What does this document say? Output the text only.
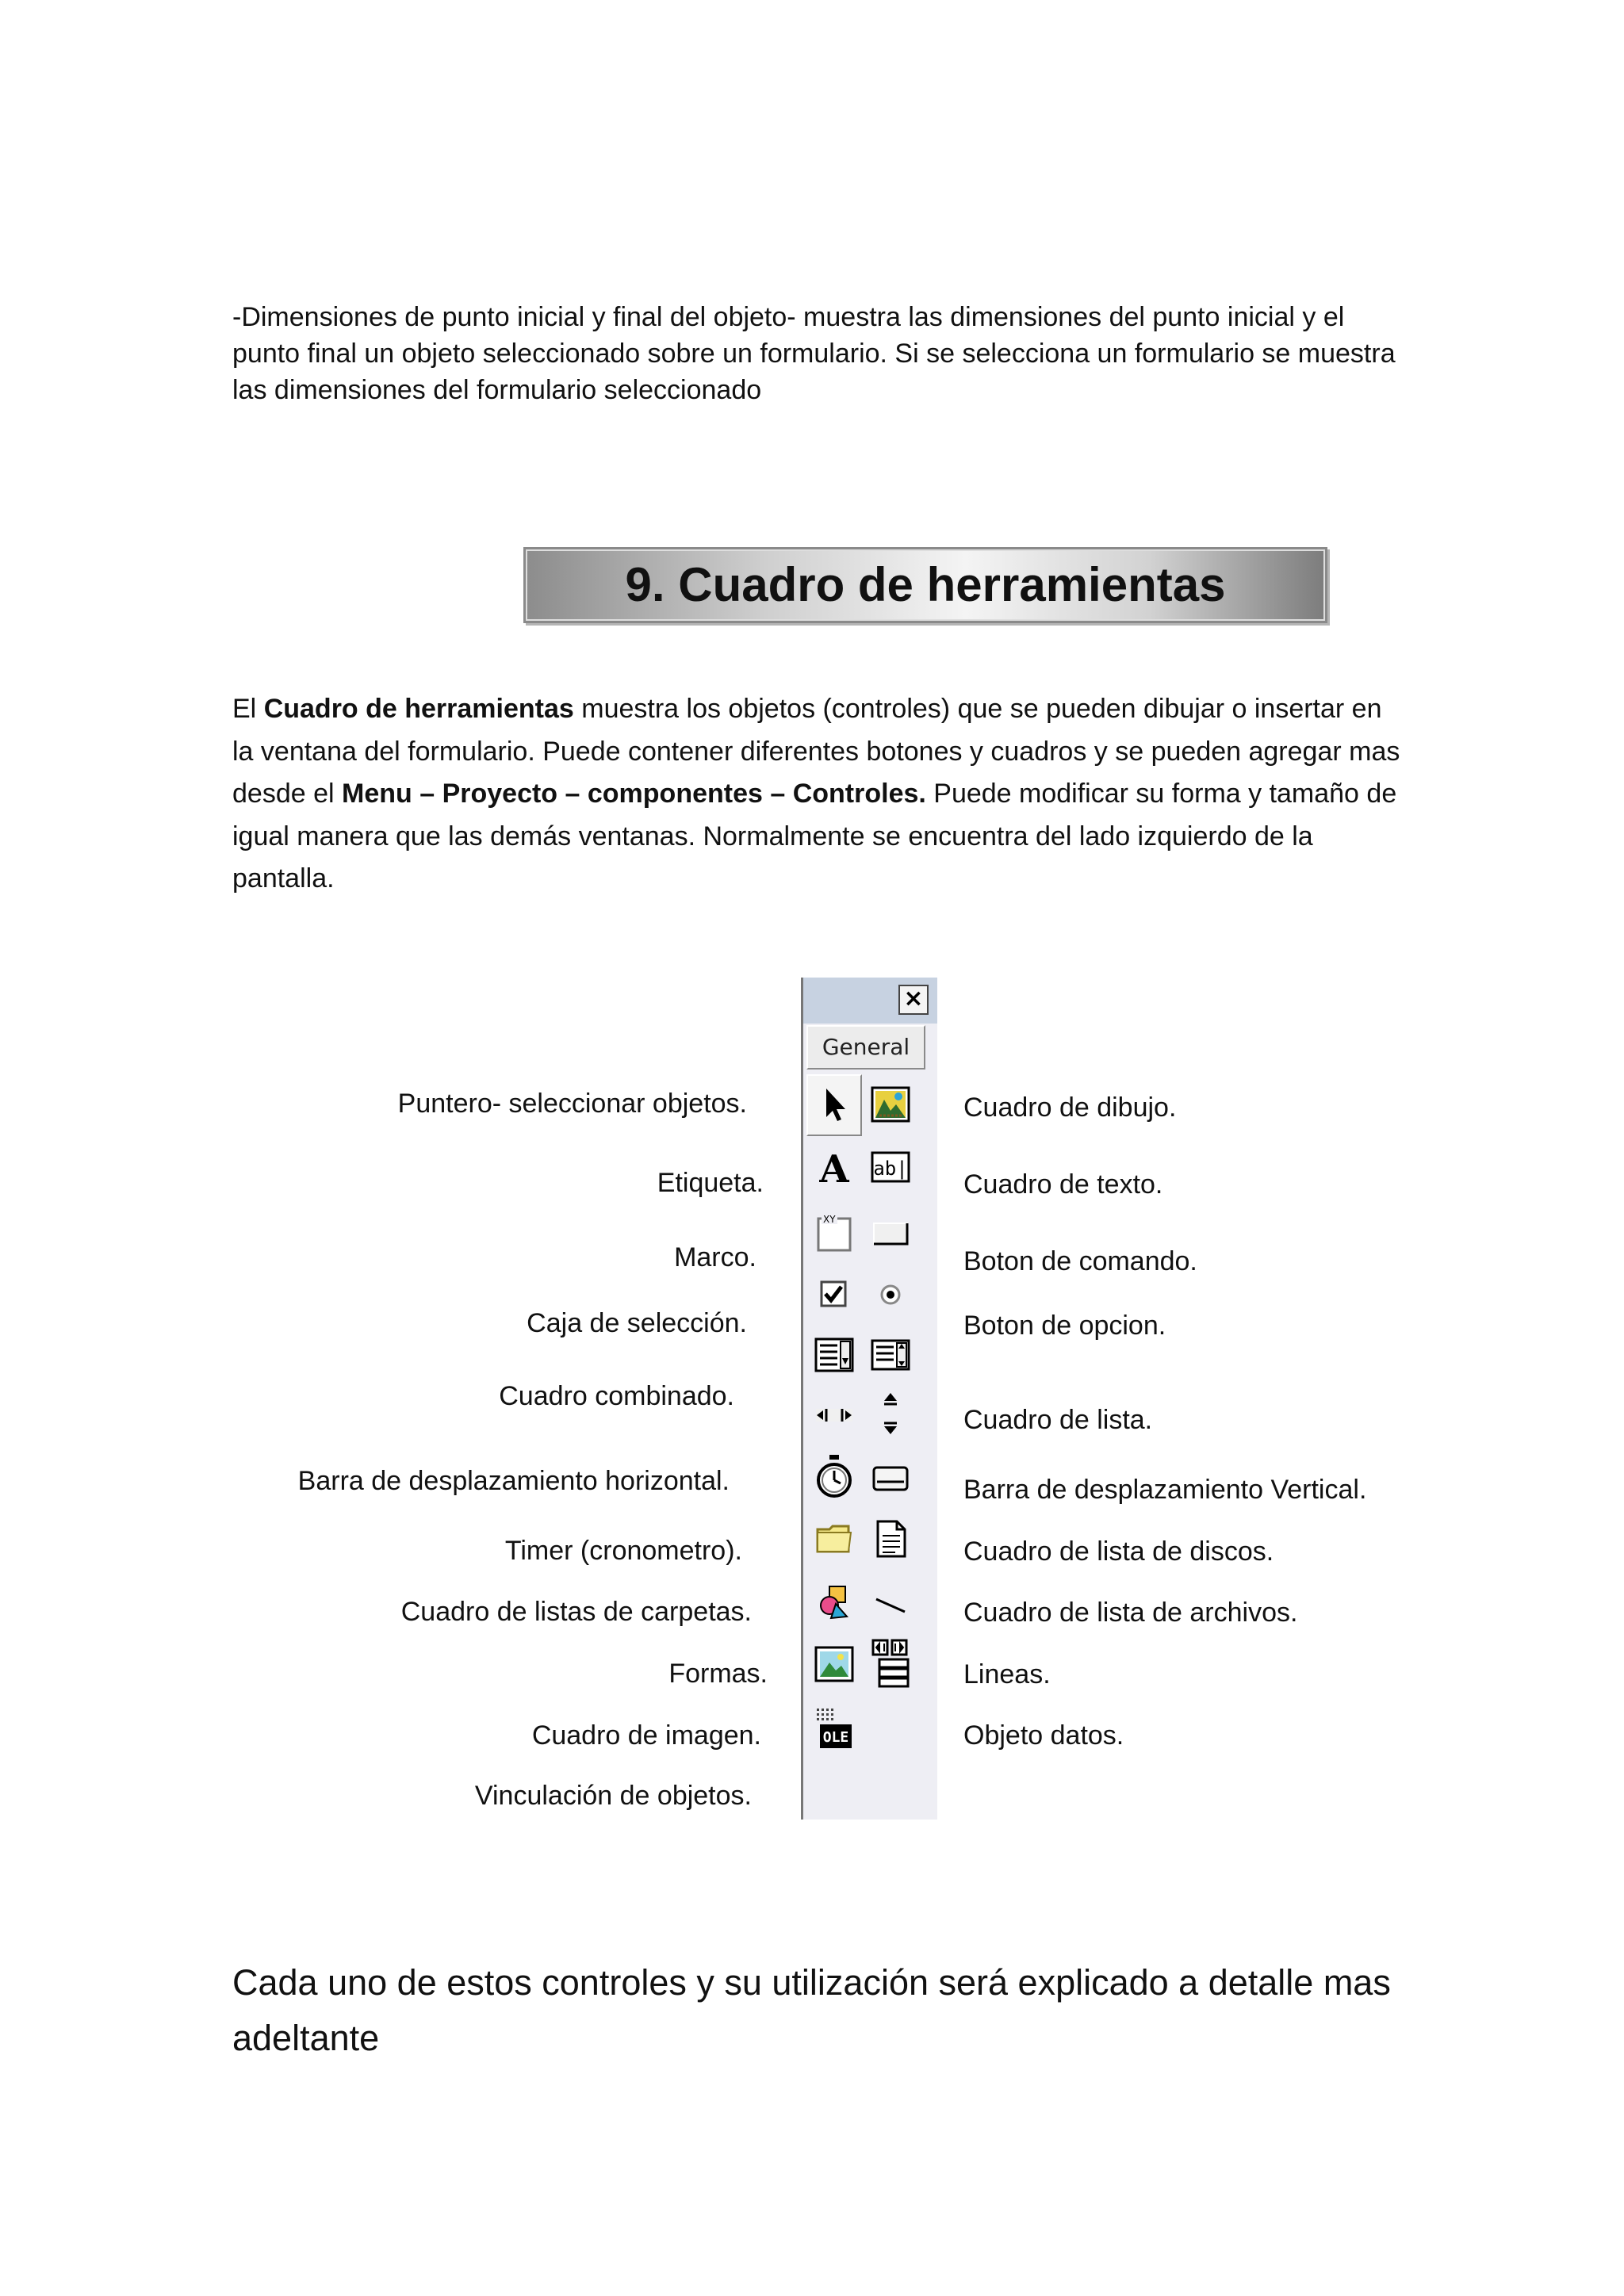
-Dimensiones de punto inicial y final del objeto- muestra las dimensiones del punto inicial y el punto final un objeto seleccionado sobre un formulario. Si se selecciona un formulario se muestra las dimensiones del formulario seleccionado
9. Cuadro de herramientas
El Cuadro de herramientas muestra los objetos (controles) que se pueden dibujar o insertar en la ventana del formulario. Puede contener diferentes botones y cuadros y se pueden agregar mas desde el Menu – Proyecto – componentes – Controles. Puede modificar su forma y tamaño de igual manera que las demás ventanas. Normalmente se encuentra del lado izquierdo de la pantalla.
Puntero- seleccionar objetos.
Etiqueta.
Marco.
Caja de selección.
Cuadro combinado.
Barra de desplazamiento horizontal.
Timer (cronometro).
Cuadro de listas de carpetas.
Formas.
Cuadro de imagen.
Vinculación de objetos.
Cuadro de dibujo.
Cuadro de texto.
Boton de comando.
Boton de opcion.
Cuadro de lista.
Barra de desplazamiento Vertical.
Cuadro de lista de discos.
Cuadro de lista de archivos.
Lineas.
Objeto datos.
×
General
A ab|
XY
OLE
Cada uno de estos controles y su utilización será explicado a detalle mas adeltante
